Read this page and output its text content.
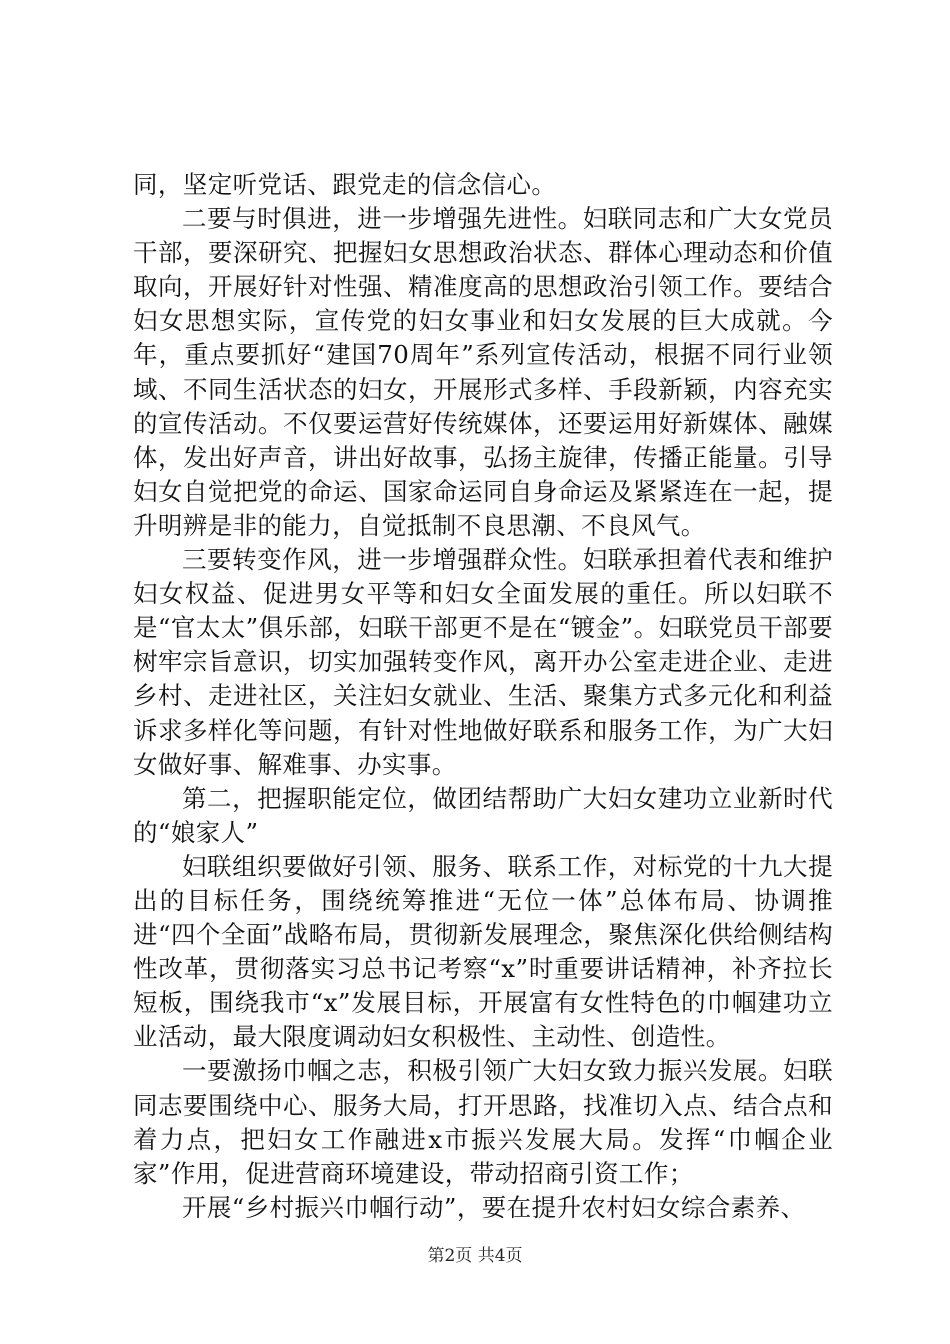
同，坚定听党话、跟党走的信念信心。

二要与时俱进，进一步增强先进性。妇联同志和广大女党员干部，要深研究、把握妇女思想政治状态、群体心理动态和价值取向，开展好针对性强、精准度高的思想政治引领工作。要结合妇女思想实际，宣传党的妇女事业和妇女发展的巨大成就。今年，重点要抓好“建国70周年”系列宣传活动，根据不同行业领域、不同生活状态的妇女，开展形式多样、手段新颖，内容充实的宣传活动。不仅要运营好传统媒体，还要运用好新媒体、融媒体，发出好声音，讲出好故事，弘扬主旋律，传播正能量。引导妇女自觉把党的命运、国家命运同自身命运及紧紧连在一起，提升明辨是非的能力，自觉抵制不良思潮、不良风气。

三要转变作风，进一步增强群众性。妇联承担着代表和维护妇女权益、促进男女平等和妇女全面发展的重任。所以妇联不是“官太太”俱乐部，妇联干部更不是在“镀金”。妇联党员干部要树牢宗旨意识，切实加强转变作风，离开办公室走进企业、走进乡村、走进社区，关注妇女就业、生活、聚集方式多元化和利益诉求多样化等问题，有针对性地做好联系和服务工作，为广大妇女做好事、解难事、办实事。

第二，把握职能定位，做团结帮助广大妇女建功立业新时代的“娘家人”

妇联组织要做好引领、服务、联系工作，对标党的十九大提出的目标任务，围绕统筹推进“无位一体”总体布局、协调推进“四个全面”战略布局，贯彻新发展理念，聚焦深化供给侧结构性改革，贯彻落实习总书记考察“x”时重要讲话精神，补齐拉长短板，围绕我市“x”发展目标，开展富有女性特色的巾帼建功立业活动，最大限度调动妇女积极性、主动性、创造性。

一要激扬巾帼之志，积极引领广大妇女致力振兴发展。妇联同志要围绕中心、服务大局，打开思路，找准切入点、结合点和着力点，把妇女工作融进x市振兴发展大局。发挥“巾帼企业家”作用，促进营商环境建设，带动招商引资工作；

开展“乡村振兴巾帼行动”，要在提升农村妇女综合素养、

第2页 共4页
